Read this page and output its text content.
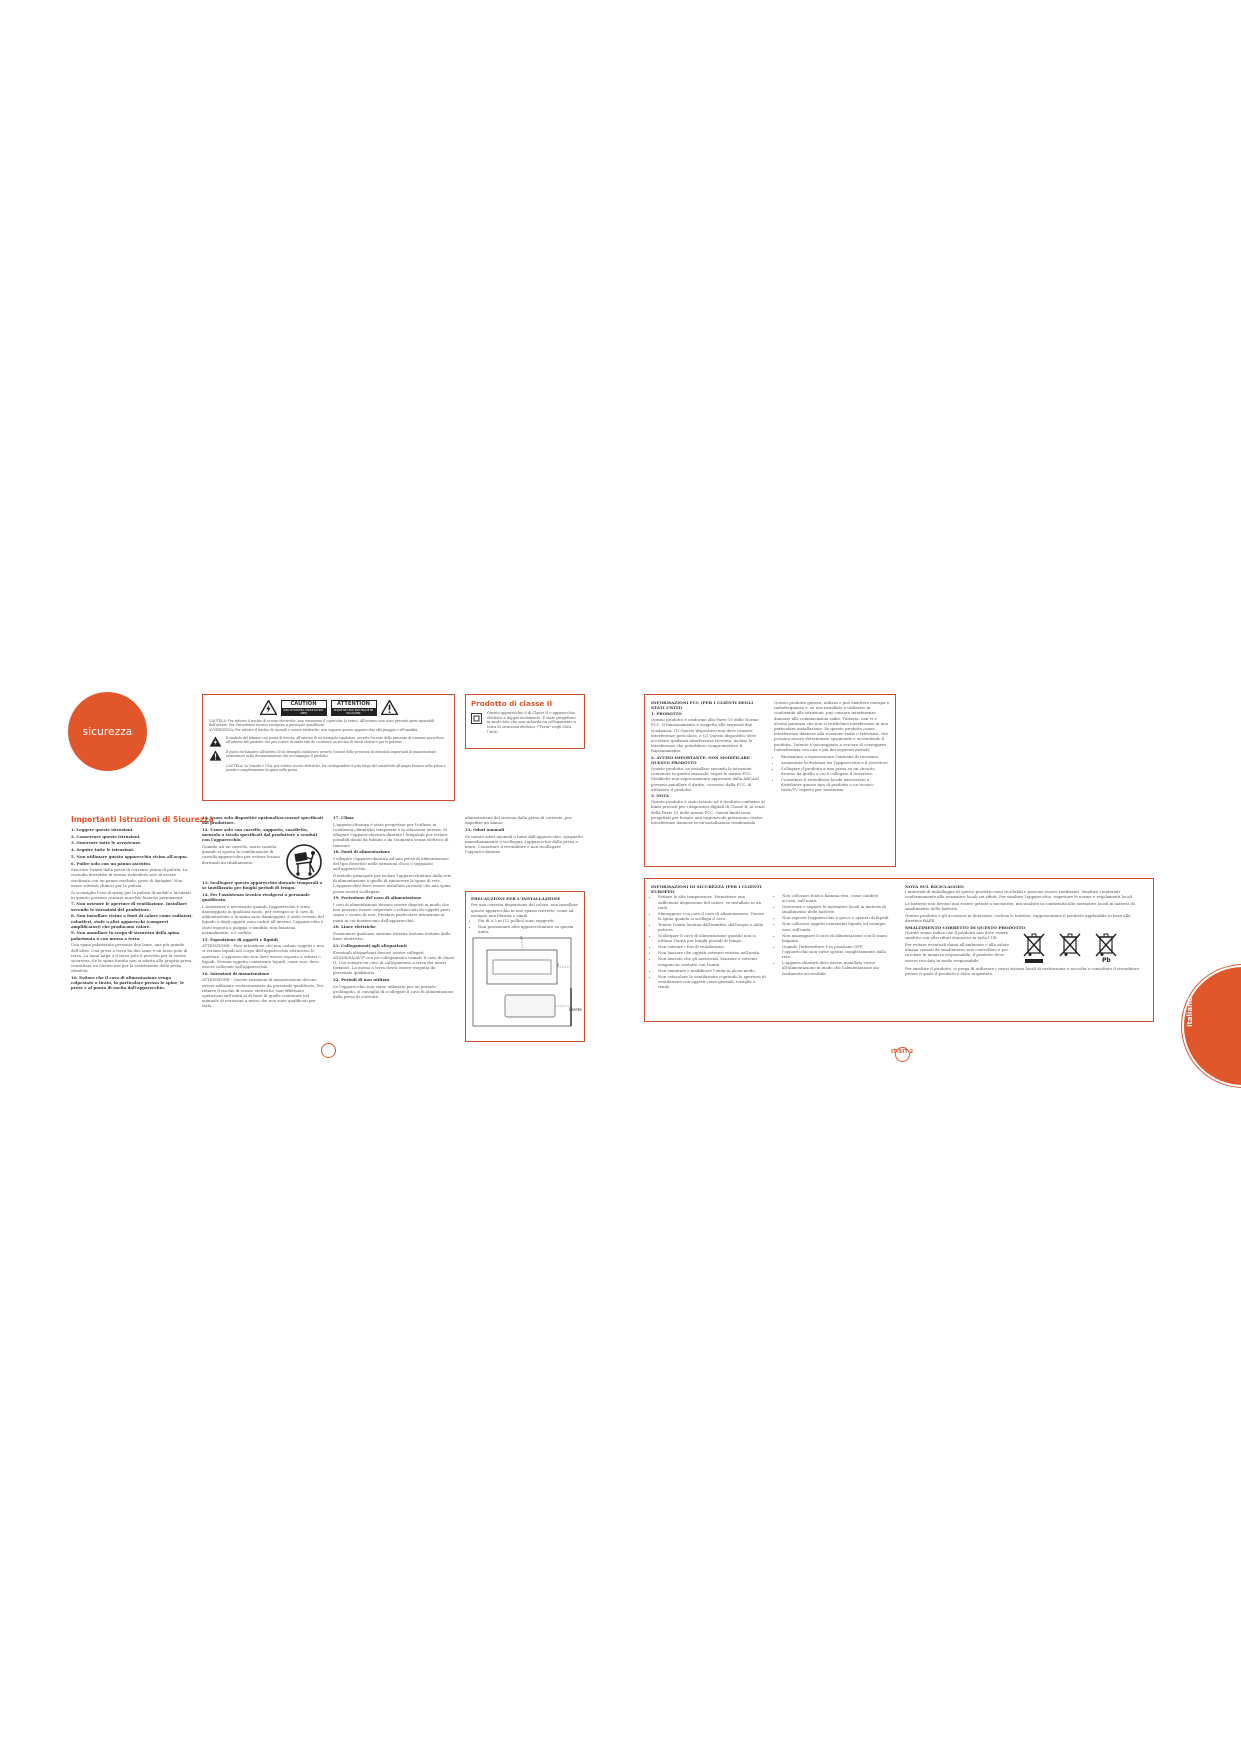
sicurezza
CAUTION
RISK OF ELECTRIC SHOCK DO NOT OPEN
ATTENTION
RISQUE DE CHOC ÉLECTRIQUE NE PAS OUVRIR

CAUTELA: Per ridurre il rischio di scosse elettriche, non rimuovere il coperchio (o retro). All'interno non sono presenti parti riparabili dall'utente. Per l'assistenza tecnica rivolgersi a personale qualificato.

AVVERTENZA: Per ridurre il rischio di incendi o scosse elettriche, non esporre questo apparecchio alla pioggia o all'umidità.

Il simbolo del fulmine con punta di freccia, all'interno di un triangolo equilatero, avverte l'utente della presenza di tensione pericolosa all'interno del prodotto che può essere di entità tale da costituire un rischio di shock elettrico per le persone.

Il punto esclamativo all'interno di un triangolo equilatero avverte l'utente della presenza di istruzioni importanti di manutenzione (assistenza) nella documentazione che accompagna il prodotto.

CAUTELA: In Canada e USA, per evitare scosse elettriche, far corrispondere il polo largo del connettore all'ampia fessura nella presa e inserire completamente la spina nella presa.

Prodotto di classe II

Questo apparecchio è di Classe II o apparecchio elettrico a doppio isolamento. È stato progettato in modo tale che non richieda un collegamento a terra di sicurezza elettrica ("Terra" negli Stati Uniti).

Importanti Istruzioni di Sicurezza

1. Leggere queste istruzioni.

2. Conservare queste istruzioni.

3. Osservare tutte le avvertenze.

4. Seguire tutte le istruzioni.

5. Non utilizzare questo apparecchio vicino all'acqua.

6. Pulire solo con un panno asciutto.

Staccare l'unità dalla presa di corrente prima di pulirla. La custodia dovrebbe di norma richiedere solo di essere strofinata con un panno morbido, privo di lanugine. Non usare solventi chimici per la pulizia.

Si sconsiglia l'uso di spray per la pulizia di mobili o lucidanti in quanto possono causare macchie bianche permanenti.

7. Non ostruire le aperture di ventilazione. Installare secondo le istruzioni del produttore.

8. Non installare vicino a fonti di calore come radiatori, caloriferi, stufe o altri apparecchi (compresi amplificatori) che producono calore.

9. Non annullare lo scopo di sicurezza della spina polarizzata o con messa a terra.

Una spina polarizzata presenta due lame, una più grande dell'altra. Una presa a terra ha due lame e un terzo polo di terra. La lama larga o il terzo polo è previsto per la vostra sicurezza. Se la spina fornita non si adatta alla propria presa, consultare un elettricista per la sostituzione della presa obsoleta.

10. Evitare che il cavo di alimentazione venga calpestato o tirato, in particolare presso le spine, le prese e al punto di uscita dall'apparecchio.

11. Usare solo dispositivi opzionali/accessori specificati dal produttore.

12. Usare solo con carrello, supporto, cavalletto, mensola o tavolo specificati dal produttore o venduti con l'apparecchio.

Quando usi un carrello, usare cautela quando si sposta la combinazione di carrello/apparecchio per evitare lesioni derivanti da ribaltamento.

13. Scollegare questo apparecchio durante temporali o se inutilizzato per lunghi periodi di tempo.

14. Per l'assistenza tecnica rivolgersi a personale qualificato.

L'assistenza è necessaria quando l'apparecchio è stato danneggiato in qualsiasi modo, per esempio se il cavo di alimentazione o la spina sono danneggiati, è stato versato del liquido o degli oggetti sono caduti all'interno, l'apparecchio è stato esposto a pioggia o umidità, non funziona normalmente, o è caduto.

15. Esposizione di oggetti e liquidi

ATTENZIONE - Fare attenzione che non cadano oggetti e non si versino liquidi nel corpo dell'apparecchio attraverso le aperture. L'apparecchio non deve essere esposto a schizzi o liquidi. Nessun oggetto contenente liquidi, come vasi, deve essere collocato sull'apparecchio.

16. Istruzioni di manutenzione

ATTENZIONE - Queste istruzioni di manutenzione devono essere utilizzate esclusivamente da personale qualificato. Per ridurre il rischio di scosse elettriche, non effettuare operazioni sull'unità al di fuori di quelle contenute nel manuale di istruzioni a meno che non siate qualificati per farlo.

17. Clima

L'apparecchiatura è stata progettata per l'utilizzo in condizioni climatiche temperate e in situazioni interne. Si allegare l'apparecchiatura durante i temporali per evitare possibili danni da fulmini o da l'aumento senza elettrico di tensione.

18. Fonti di alimentazione

Collegare l'apparecchiatura ad una presa di alimentazione del tipo descritto nelle istruzioni d'uso o segnalato sull'apparecchio.

Il metodo principale per isolare l'apparecchiatura dalla rete di alimentazione è quello di rimuovere la spina di rete. L'apparecchio deve essere installato in modo che una spina possa essere scollegata.

19. Protezione del cavo di alimentazione

I cavi di alimentazione devono essere disposti in modo che non possano essere calpestati o schiacciati da oggetti posti sopra o contro di essi. Prestare particolare attenzione ai punti in cui fuoriescono dall'apparecchio.

20. Linee elettriche

Posizionare qualsiasi antenna esterna lontana lontano dalle linee elettriche.

21. Collegamenti agli altoparlanti

Eventuali altoparlanti devono essere collegati all'AVR/SA/AV/P con un collegamento usando il cavo di classe II. Uso sempre un cavo di collegamento a terra dei nostri fornitori. La messa a terra dovrà essere eseguita da personale qualificato.

22. Periodi di non utilizzo

Se l'apparecchio non viene utilizzato per un periodo prolungato, si consiglia di scollegare il cavo di alimentazione dalla presa di corrente.

alimentazione del sistema dalla presa di corrente, per impedire un danno.

23. Odori anomali

Se notate odori anomali o fumo dall'apparecchio, spegnerlo immediatamente e scollegare l'apparecchio dalla presa a muro. Contattare il rivenditore e non ricollegare l'apparecchiatura.

PRECAUZIONI PER L'INSTALLAZIONE

Per una corretta dispersione del calore, non installare questo apparecchio in uno spazio ristretto, come ad esempio una libreria o simili.

• Più di 0,3 m (12 pollici) sono suggeriti.
• Non posizionare altri apparecchiature su questa unità.
Z
Z
Parete
INFORMAZIONI FCC (PER I CLIENTI DEGLI STATI UNITI)

1. PRODOTTO

Questo prodotto è conforme alla Parte 15 delle Norme FCC. Il funzionamento è soggetto alle seguenti due condizioni: (1) Questo dispositivo non deve causare interferenze pericolose, e (2) Questo dispositivo deve accettare qualsiasi interferenza ricevuta, incluse le interferenze che potrebbero compromettere il funzionamento.

2. AVVISO IMPORTANTE: NON MODIFICARE QUESTO PRODOTTO

Questo prodotto, se installato secondo le istruzioni contenute in questo manuale, segue le norme FCC. Modifiche non espressamente approvate dalla ARCAM possono annullare il diritto, concesso dalla FCC, di utilizzare il prodotto.

3. NOTA

Questo prodotto è stato testato ed è risultato conforme ai limiti previsti per i dispositivi digitali di Classe B, ai sensi della Parte 15 delle norme FCC. Questi limiti sono progettati per fornire una ragionevole protezione contro interferenze dannose in un'installazione residenziale.

Questo prodotto genera, utilizza e può emettere energia a radiofrequenza e, se non installato e utilizzato in conformità alle istruzioni, può causare interferenze dannose alle comunicazioni radio. Tuttavia, non vi è alcuna garanzia che non si verifichino interferenze in una particolare installazione. Se questo prodotto causa interferenze dannose alla ricezione radio o televisiva, che possono essere determinate spegnendo e accendendo il prodotto, l'utente è incoraggiato a cercare di correggere l'interferenza con una o più dei seguenti metodi:

• Riorientare o riposizionare l'antenna di ricezione.
• Aumentare la distanza tra l'apparecchio e il ricevitore.
• Collegare il prodotto a una presa su un circuito diverso da quello a cui è collegato il ricevitore.
• Consultare il rivenditore locale autorizzato a distribuire questo tipo di prodotto o un tecnico radio/TV esperto per assistenza.
INFORMAZIONI DI SICUREZZA (PER I CLIENTI EUROPEI)
• Evitare le alte temperature. Permettere una sufficiente dispersione del calore, se installato in un rack.
• Maneggiare con cura il cavo di alimentazione. Tenere la spina quando si scollega il cavo.
• Tenere l'unità lontana dall'umidità, dall'acqua e dalla polvere.
• Scollegare il cavo di alimentazione quando non si utilizza l'unità per lunghi periodi di tempo.
• Non ostruire i fori di ventilazione.
• Non lasciare che oggetti estranei entrino nell'unità.
• Non lasciate che gli insetticidi, benzene e solventi vengano in contatto con l'unità.
• Non smontare o modificare l'unità in alcun modo.
• Non ostacolare la ventilazione coprendo le aperture di ventilazione con oggetti come giornali, tovaglie o tende.
• Non collocare fonti a fiamma viva, come candele accese, sull'unità.
• Osservare e seguire le normative locali in materia di smaltimento delle batterie.
• Non esporre l'apparecchio a gocce o spruzzi di liquidi.
• Non collocare oggetti contenenti liquidi, ad esempio vasi, sull'unità.
• Non maneggiare il cavo di alimentazione con le mani bagnate.
• Quando l'interruttore è in posizione OFF, l'apparecchio non viene spento completamente dalla rete.
• L'apparecchiatura deve essere installata vicino all'alimentazione in modo che l'alimentazione sia facilmente accessibile.
NOTA SUL RICICLAGGIO:

I materiali di imballaggio di questo prodotto sono riciclabili e possono essere riutilizzati. Smaltire i materiali conformemente alle normative locali sui rifiuti. Per smaltire l'apparecchio, rispettare le norme e regolamenti locali.

Le batterie non devono mai essere gettate o incenerite, ma smaltite in conformità alle normative locali in materia di smaltimento delle batterie.

Questo prodotto e gli accessori in dotazione, esclusa le batterie, rappresentano il prodotto applicabile in base alla direttiva RAEE.

SMALTIMENTO CORRETTO DI QUESTO PRODOTTO

Questo segno indica che il prodotto non deve essere smaltito con altri rifiuti domestici in tutta l'UE.

Per evitare eventuali danni all'ambiente o alla salute umana causati da smaltimento non controllato e per riciclare in maniera responsabile, il prodotto deve essere riciclato in modo responsabile.	Pb

Per smaltire il prodotto, si prega di utilizzare i vostri sistemi locali di restituzione e raccolta o consultare il rivenditore presso il quale il prodotto è stato acquistato.

italiano
IT-SIT-2
